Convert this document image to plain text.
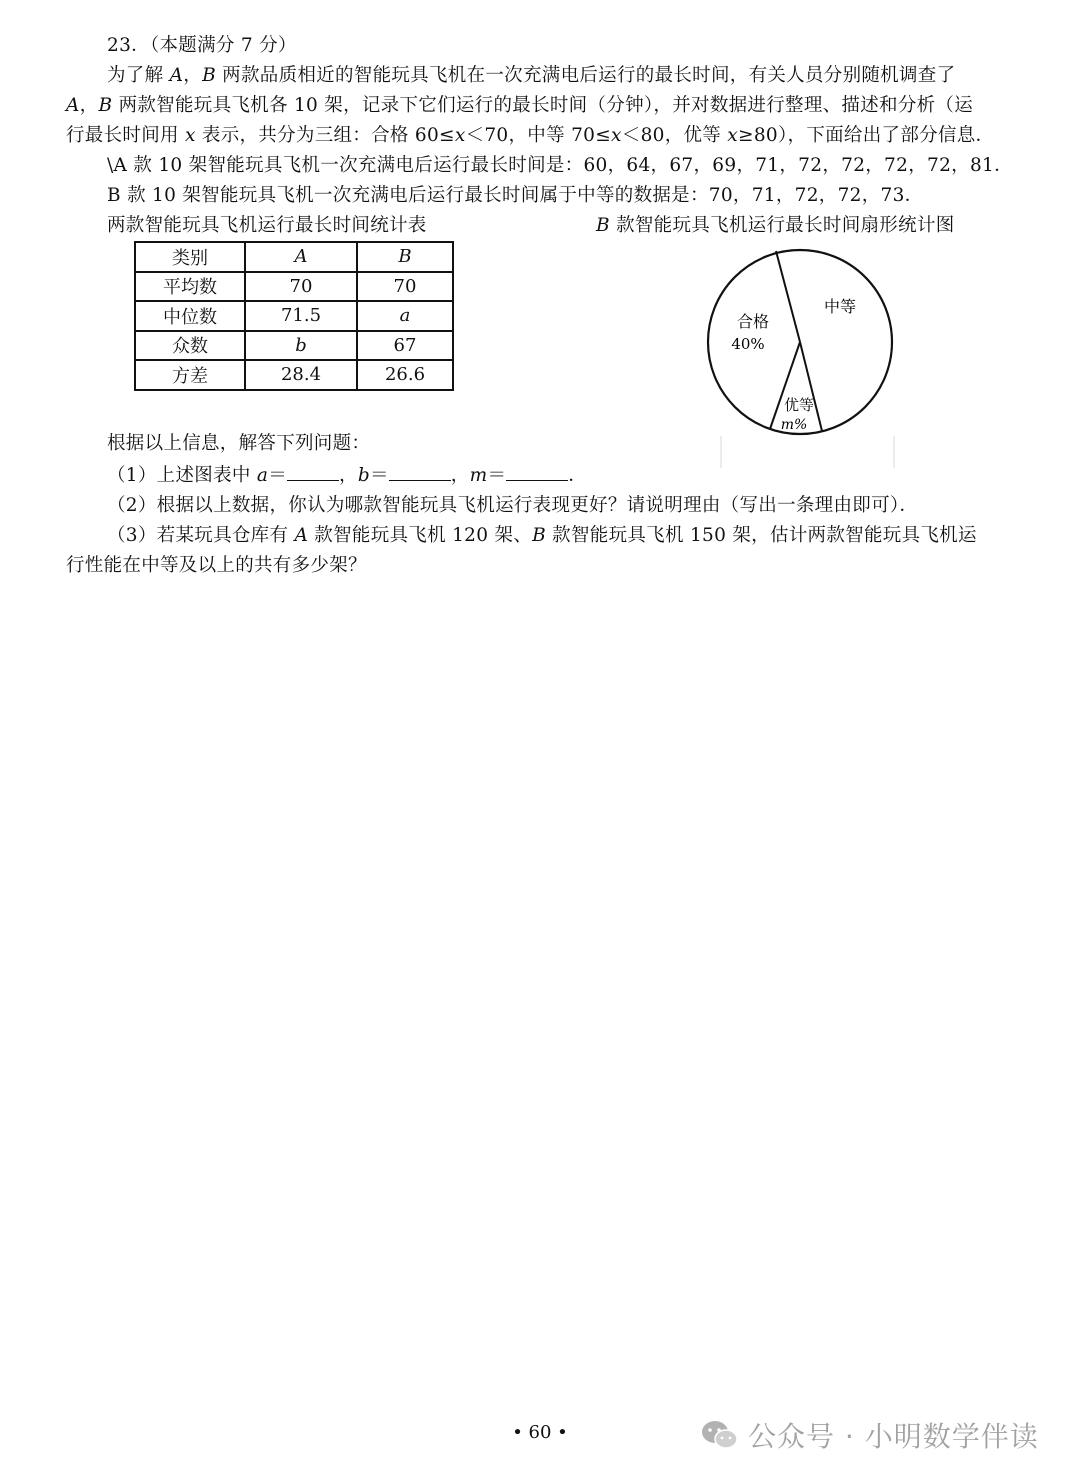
23．（本题满分 7 分）
为了解 A，B 两款品质相近的智能玩具飞机在一次充满电后运行的最长时间，有关人员分别随机调查了
A，B 两款智能玩具飞机各 10 架，记录下它们运行的最长时间（分钟），并对数据进行整理、描述和分析（运
行最长时间用 x 表示，共分为三组：合格 60≤x＜70，中等 70≤x＜80，优等 x≥80），下面给出了部分信息．
\A 款 10 架智能玩具飞机一次充满电后运行最长时间是：60，64，67，69，71，72，72，72，72，81．
B 款 10 架智能玩具飞机一次充满电后运行最长时间属于中等的数据是：70，71，72，72，73．
两款智能玩具飞机运行最长时间统计表	B 款智能玩具飞机运行最长时间扇形统计图
类别	A	B
平均数	70	70
中位数	71.5	a
众数	b	67
方差	28.4	26.6
合格
40%
中等
优等
m%
根据以上信息，解答下列问题：
（1）上述图表中 a＝	，b＝	，m＝	．
（2）根据以上数据，你认为哪款智能玩具飞机运行表现更好？请说明理由（写出一条理由即可）．
（3）若某玩具仓库有 A 款智能玩具飞机 120 架、B 款智能玩具飞机 150 架，估计两款智能玩具飞机运
行性能在中等及以上的共有多少架？
• 60 •	公众号 · 小明数学伴读
